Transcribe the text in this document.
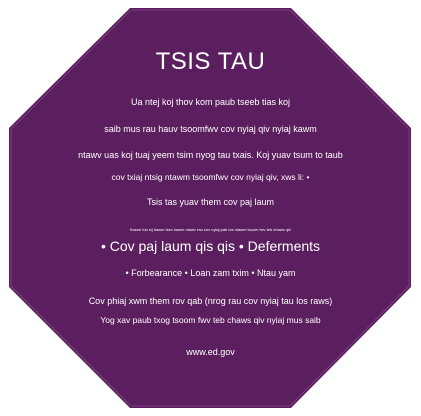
TSIS TAU
Ua ntej koj thov kom paub tseeb tias koj
saib mus rau hauv tsoomfwv cov nyiaj qiv nyiaj kawm
ntawv uas koj tuaj yeem tsim nyog tau txais. Koj yuav tsum to taub
cov txiaj ntsig ntawm tsoomfwv cov nyiaj qiv, xws li: •
Tsis tas yuav them cov paj laum
thaum lub sij hawm tsev kawm ntawv rau cov nyiaj pab los ntawm tsoom fwv teb chaws qiv
• Cov paj laum qis qis • Deferments
• Forbearance • Loan zam txim • Ntau yam
Cov phiaj xwm them rov qab (nrog rau cov nyiaj tau los raws)
Yog xav paub txog tsoom fwv teb chaws qiv nyiaj mus saib
www.ed.gov
